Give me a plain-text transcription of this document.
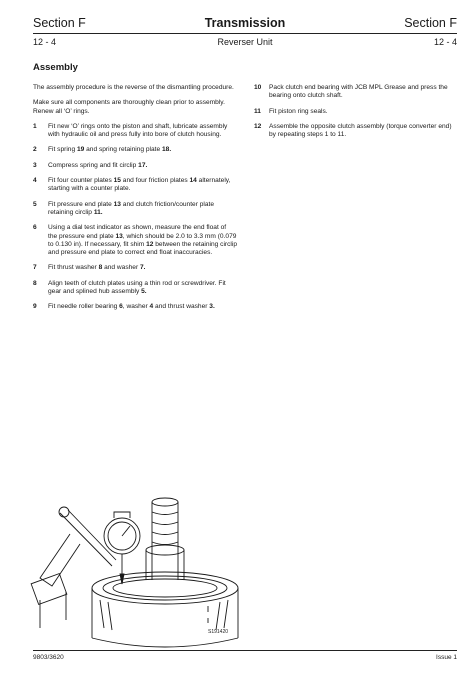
Section F	Transmission	Section F
12 - 4	Reverser Unit	12 - 4
Assembly

The assembly procedure is the reverse of the dismantling procedure.

Make sure all components are thoroughly clean prior to assembly. Renew all ‘O’ rings.

1 Fit new ‘O’ rings onto the piston and shaft, lubricate assembly with hydraulic oil and press fully into bore of clutch housing.
2 Fit spring 19 and spring retaining plate 18.
3 Compress spring and fit circlip 17.
4 Fit four counter plates 15 and four friction plates 14 alternately, starting with a counter plate.
5 Fit pressure end plate 13 and clutch friction/counter plate retaining circlip 11.
6 Using a dial test indicator as shown, measure the end float of the pressure end plate 13, which should be 2.0 to 3.3 mm (0.079 to 0.130 in). If necessary, fit shim 12 between the retaining circlip and pressure end plate to correct end float inaccuracies.
7 Fit thrust washer 8 and washer 7.
8 Align teeth of clutch plates using a thin rod or screwdriver. Fit gear and splined hub assembly 5.
9 Fit needle roller bearing 6, washer 4 and thrust washer 3.
10 Pack clutch end bearing with JCB MPL Grease and press the bearing onto clutch shaft.
11 Fit piston ring seals.
12 Assemble the opposite clutch assembly (torque converter end) by repeating steps 1 to 11.
S191420
9803/3620	Issue 1
